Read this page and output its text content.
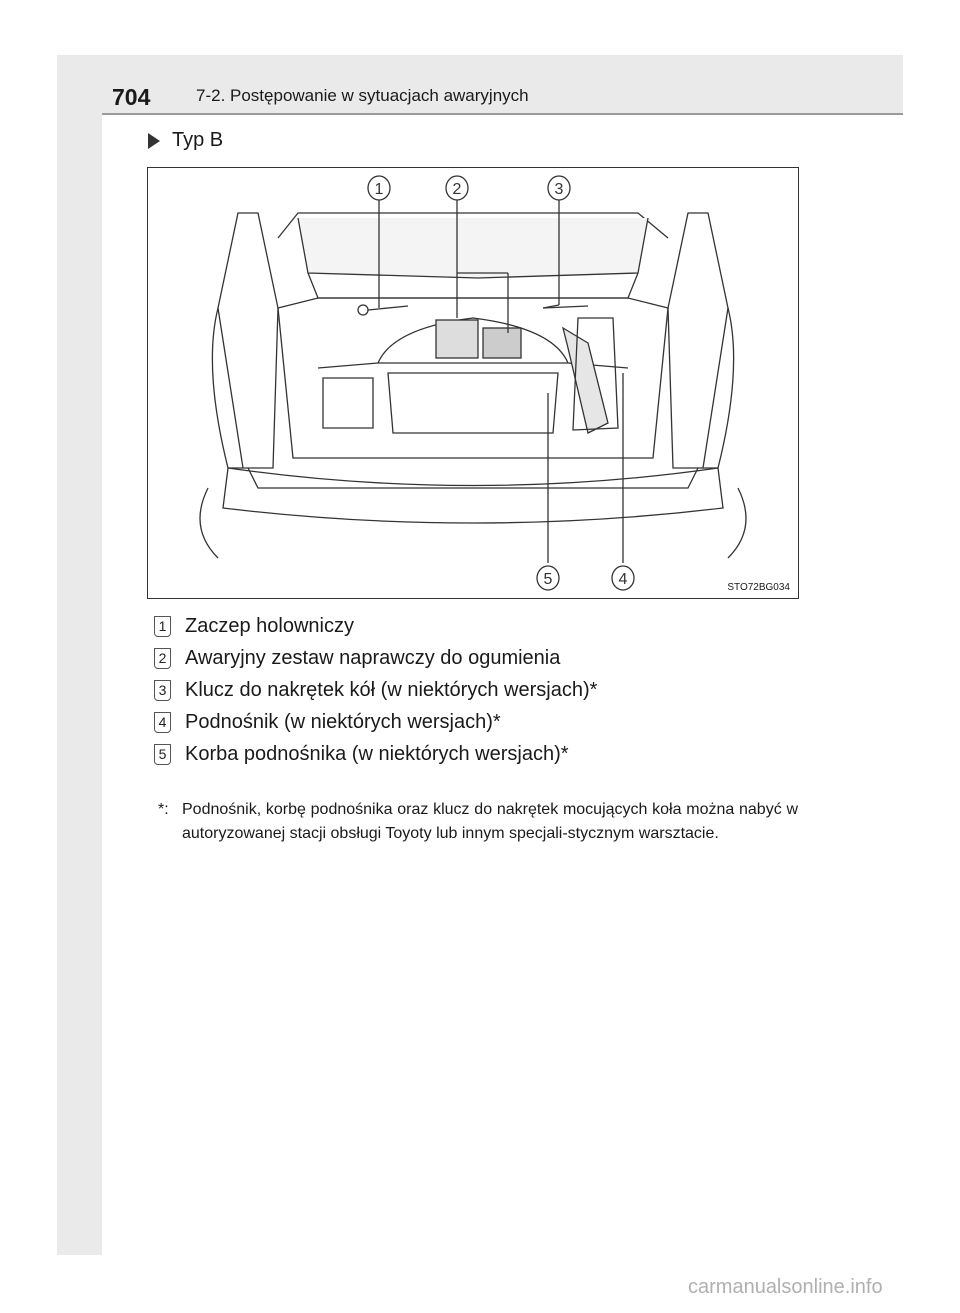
704	7-2. Postępowanie w sytuacjach awaryjnych
Typ B
1	2	3
4
5	STO72BG034
1 Zaczep holowniczy
2 Awaryjny zestaw naprawczy do ogumienia
3 Klucz do nakrętek kół (w niektórych wersjach)*
4 Podnośnik (w niektórych wersjach)*
5 Korba podnośnika (w niektórych wersjach)*
*: Podnośnik, korbę podnośnika oraz klucz do nakrętek mocujących koła można nabyć w autoryzowanej stacji obsługi Toyoty lub innym specjali-stycznym warsztacie.
carmanualsonline.info
